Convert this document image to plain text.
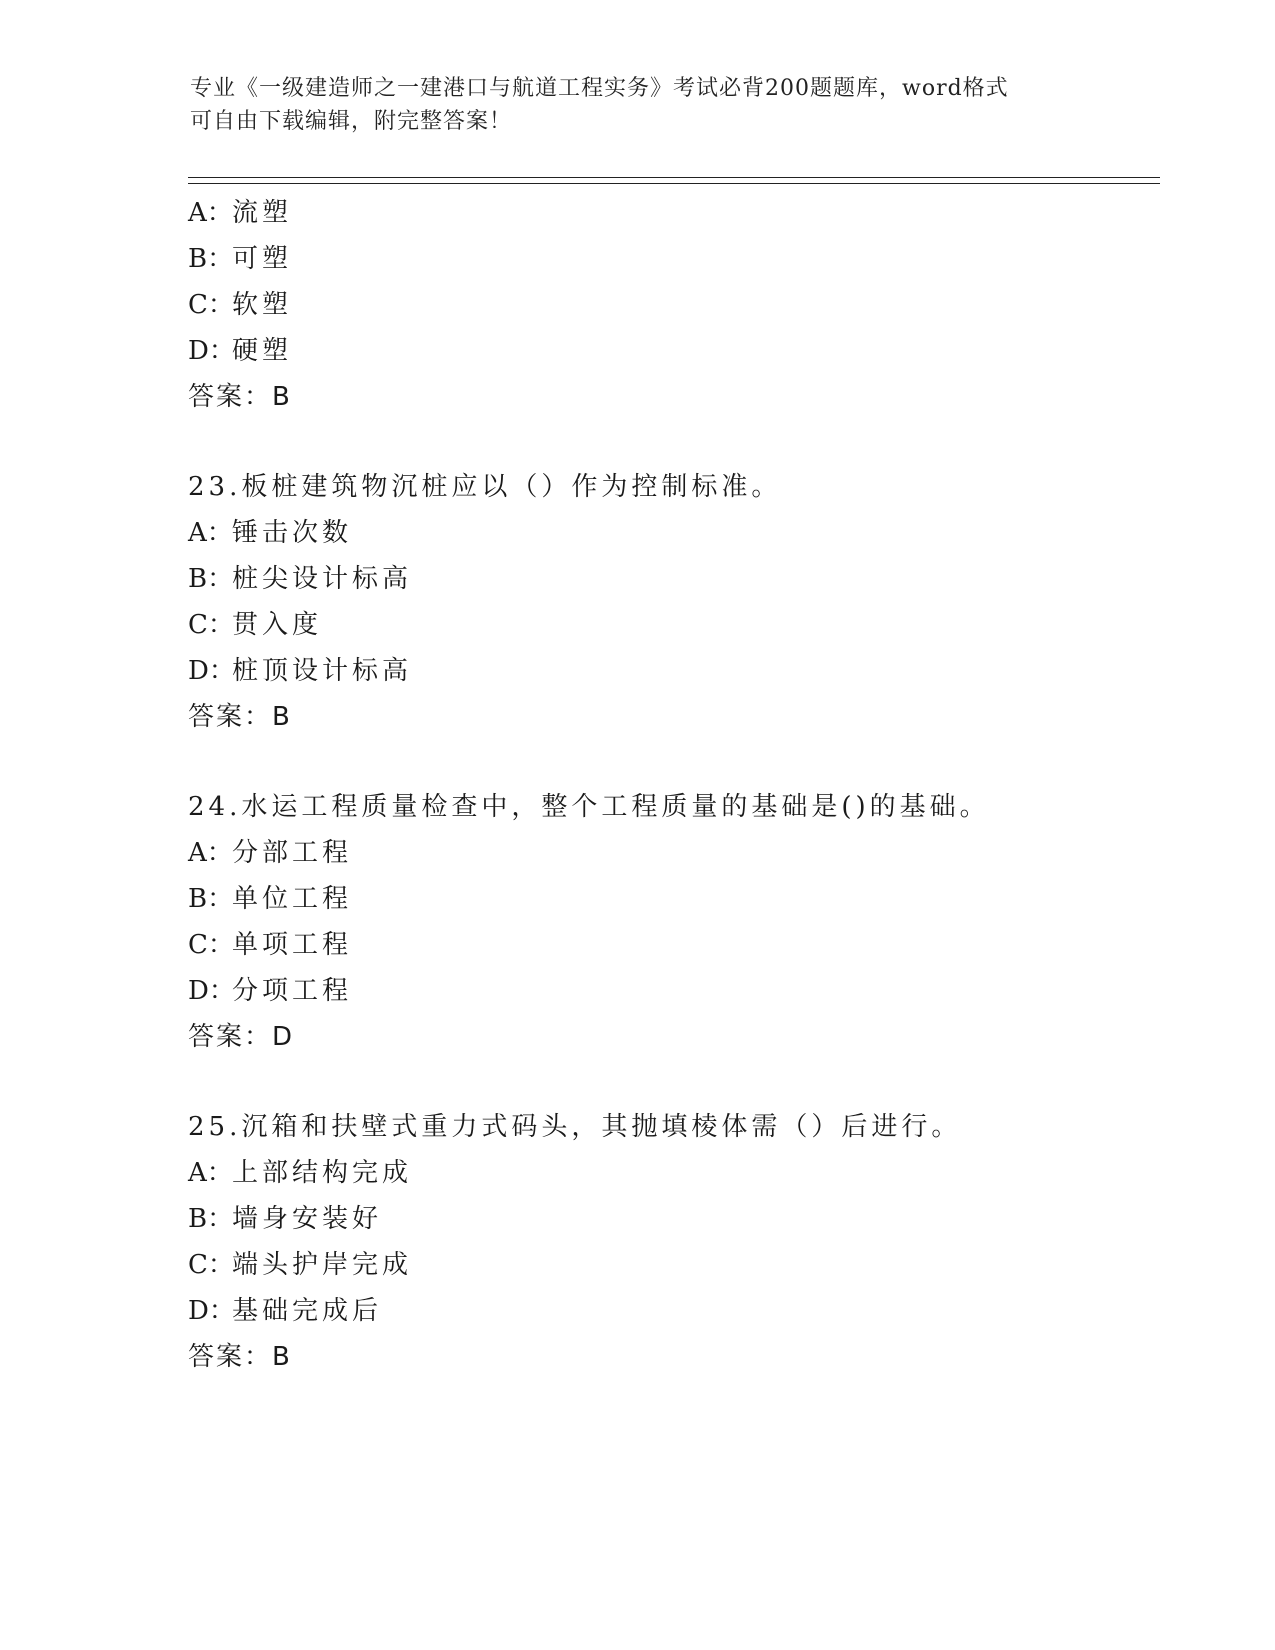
专业《一级建造师之一建港口与航道工程实务》考试必背200题题库，word格式

可自由下载编辑，附完整答案！

A：流塑
B：可塑
C：软塑
D：硬塑
答案：B
23.板桩建筑物沉桩应以（）作为控制标准。
A：锤击次数
B：桩尖设计标高
C：贯入度
D：桩顶设计标高
答案：B
24.水运工程质量检查中，整个工程质量的基础是()的基础。
A：分部工程
B：单位工程
C：单项工程
D：分项工程
答案：D
25.沉箱和扶壁式重力式码头，其抛填棱体需（）后进行。
A：上部结构完成
B：墙身安装好
C：端头护岸完成
D：基础完成后
答案：B
